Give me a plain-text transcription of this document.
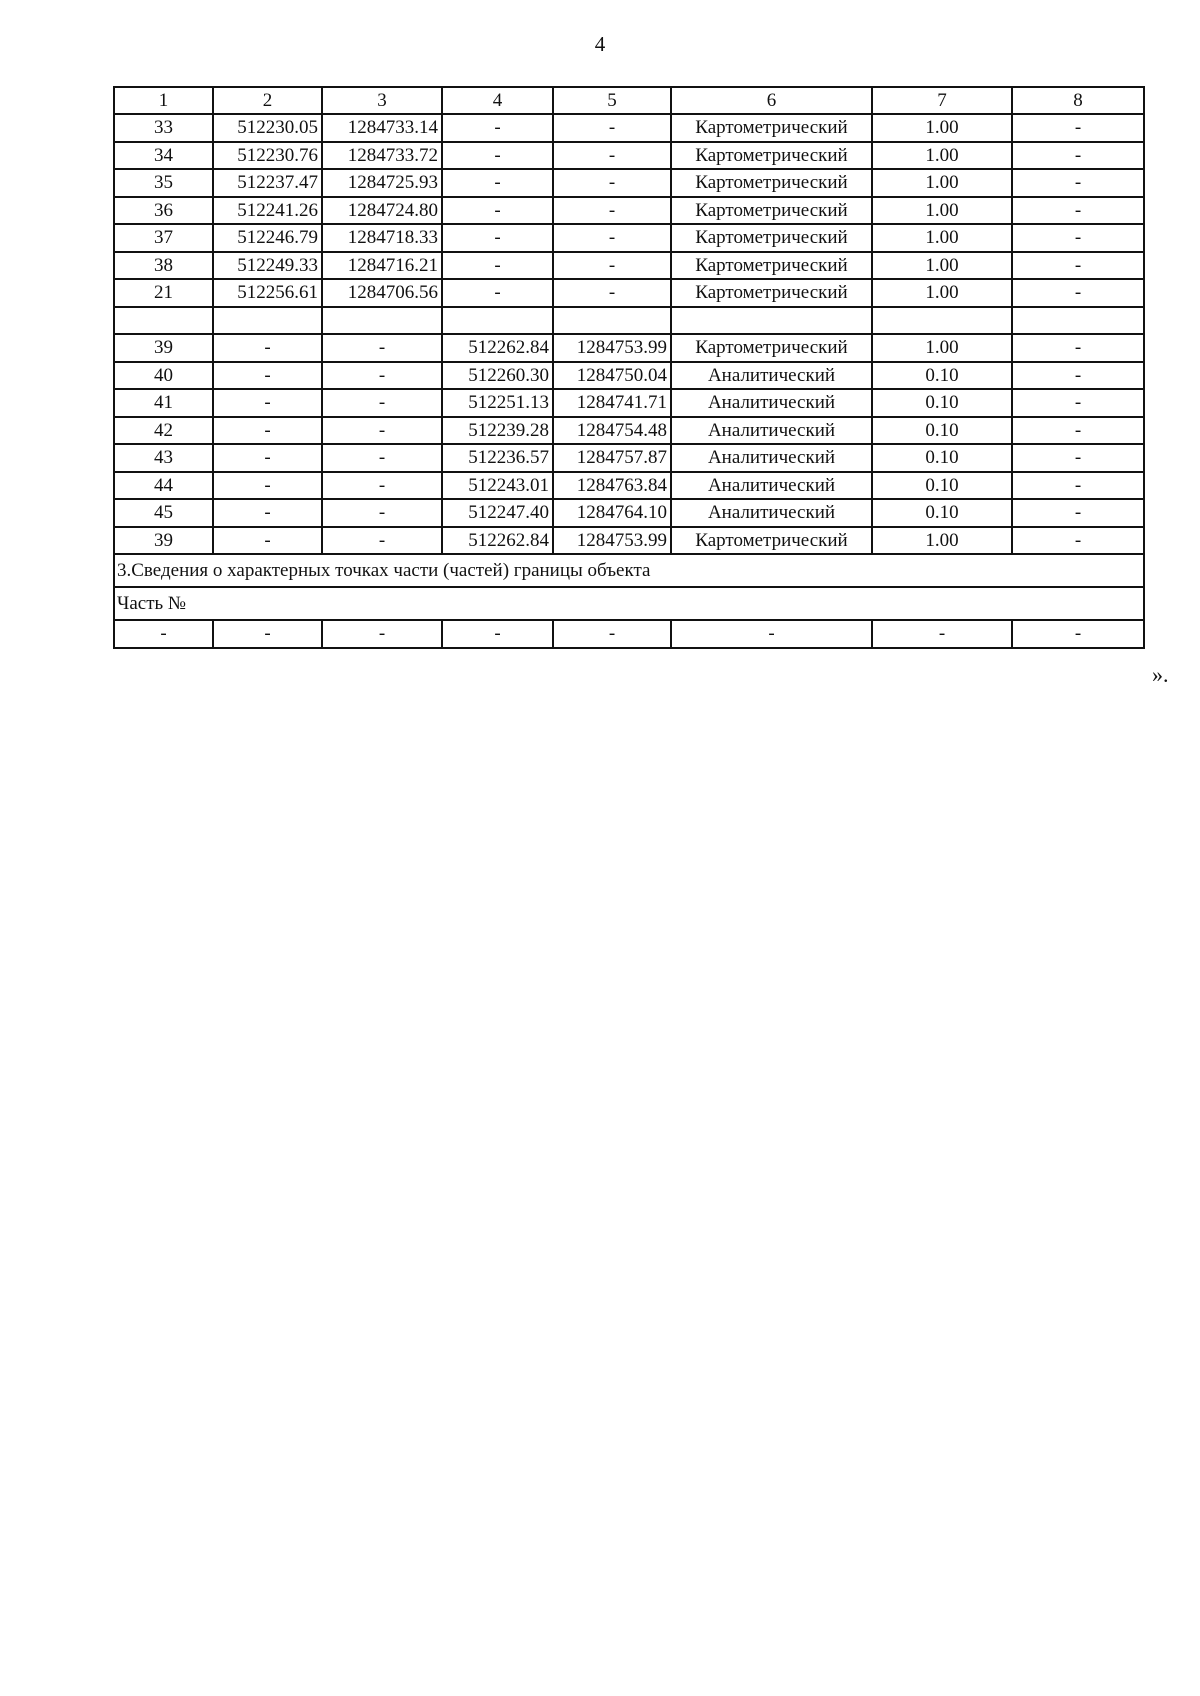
4
1	2	3	4	5	6	7	8
33	512230.05	1284733.14	-	-	Картометрический	1.00	-
34	512230.76	1284733.72	-	-	Картометрический	1.00	-
35	512237.47	1284725.93	-	-	Картометрический	1.00	-
36	512241.26	1284724.80	-	-	Картометрический	1.00	-
37	512246.79	1284718.33	-	-	Картометрический	1.00	-
38	512249.33	1284716.21	-	-	Картометрический	1.00	-
21	512256.61	1284706.56	-	-	Картометрический	1.00	-

39	-	-	512262.84	1284753.99	Картометрический	1.00	-
40	-	-	512260.30	1284750.04	Аналитический	0.10	-
41	-	-	512251.13	1284741.71	Аналитический	0.10	-
42	-	-	512239.28	1284754.48	Аналитический	0.10	-
43	-	-	512236.57	1284757.87	Аналитический	0.10	-
44	-	-	512243.01	1284763.84	Аналитический	0.10	-
45	-	-	512247.40	1284764.10	Аналитический	0.10	-
39	-	-	512262.84	1284753.99	Картометрический	1.00	-
3.Сведения о характерных точках части (частей) границы объекта							
Часть №							
-	-	-	-	-	-	-	-
».
